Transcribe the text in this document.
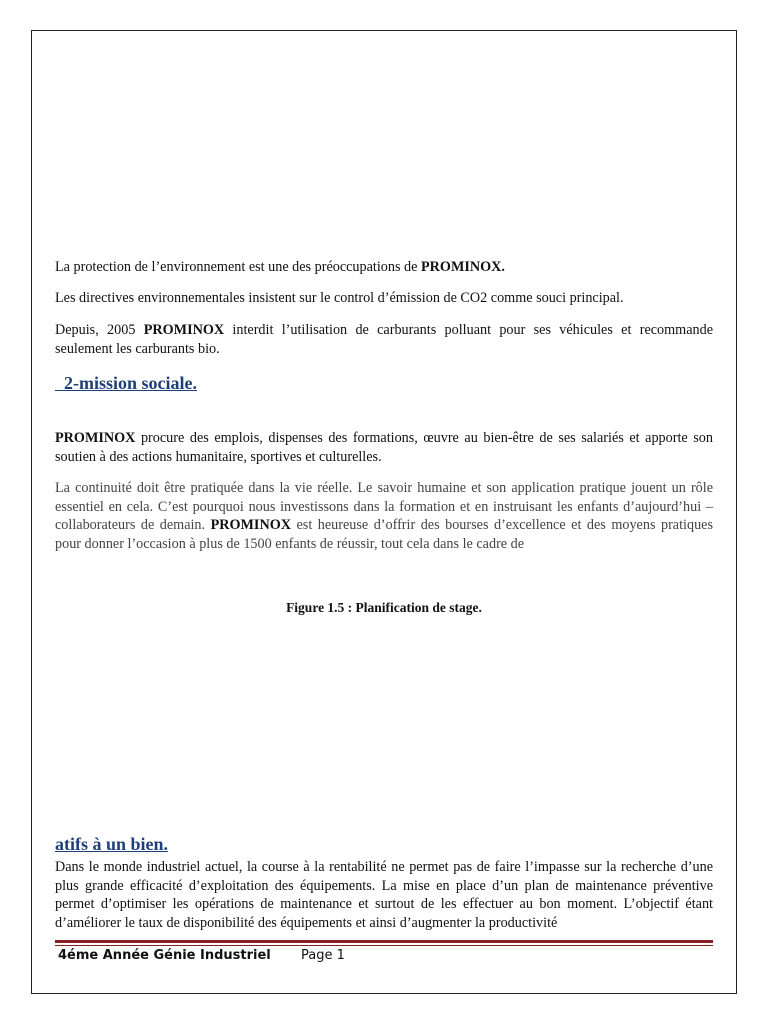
La protection de l’environnement est une des préoccupations de PROMINOX.

Les directives environnementales insistent sur le control d’émission de CO2 comme souci principal.

Depuis, 2005 PROMINOX interdit l’utilisation de carburants polluant pour ses véhicules et recommande seulement les carburants bio.

2-mission sociale.

PROMINOX procure des emplois, dispenses des formations, œuvre au bien-être de ses salariés et apporte son soutien à des actions humanitaire, sportives et culturelles.

La continuité doit être pratiquée dans la vie réelle. Le savoir humaine et son application pratique jouent un rôle essentiel en cela. C’est pourquoi nous investissons dans la formation et en instruisant les enfants d’aujourd’hui – collaborateurs de demain. PROMINOX est heureuse d’offrir des bourses d’excellence et des moyens pratiques pour donner l’occasion à plus de 1500 enfants de réussir, tout cela dans le cadre de

Figure 1.5 : Planification de stage.

atifs à un bien.

Dans le monde industriel actuel, la course à la rentabilité ne permet pas de faire l’impasse sur la recherche d’une plus grande efficacité d’exploitation des équipements. La mise en place d’un plan de maintenance préventive permet d’optimiser les opérations de maintenance et surtout de les effectuer au bon moment. L’objectif étant d’améliorer le taux de disponibilité des équipements et ainsi d’augmenter la productivité

4éme Année Génie Industriel Page 1
